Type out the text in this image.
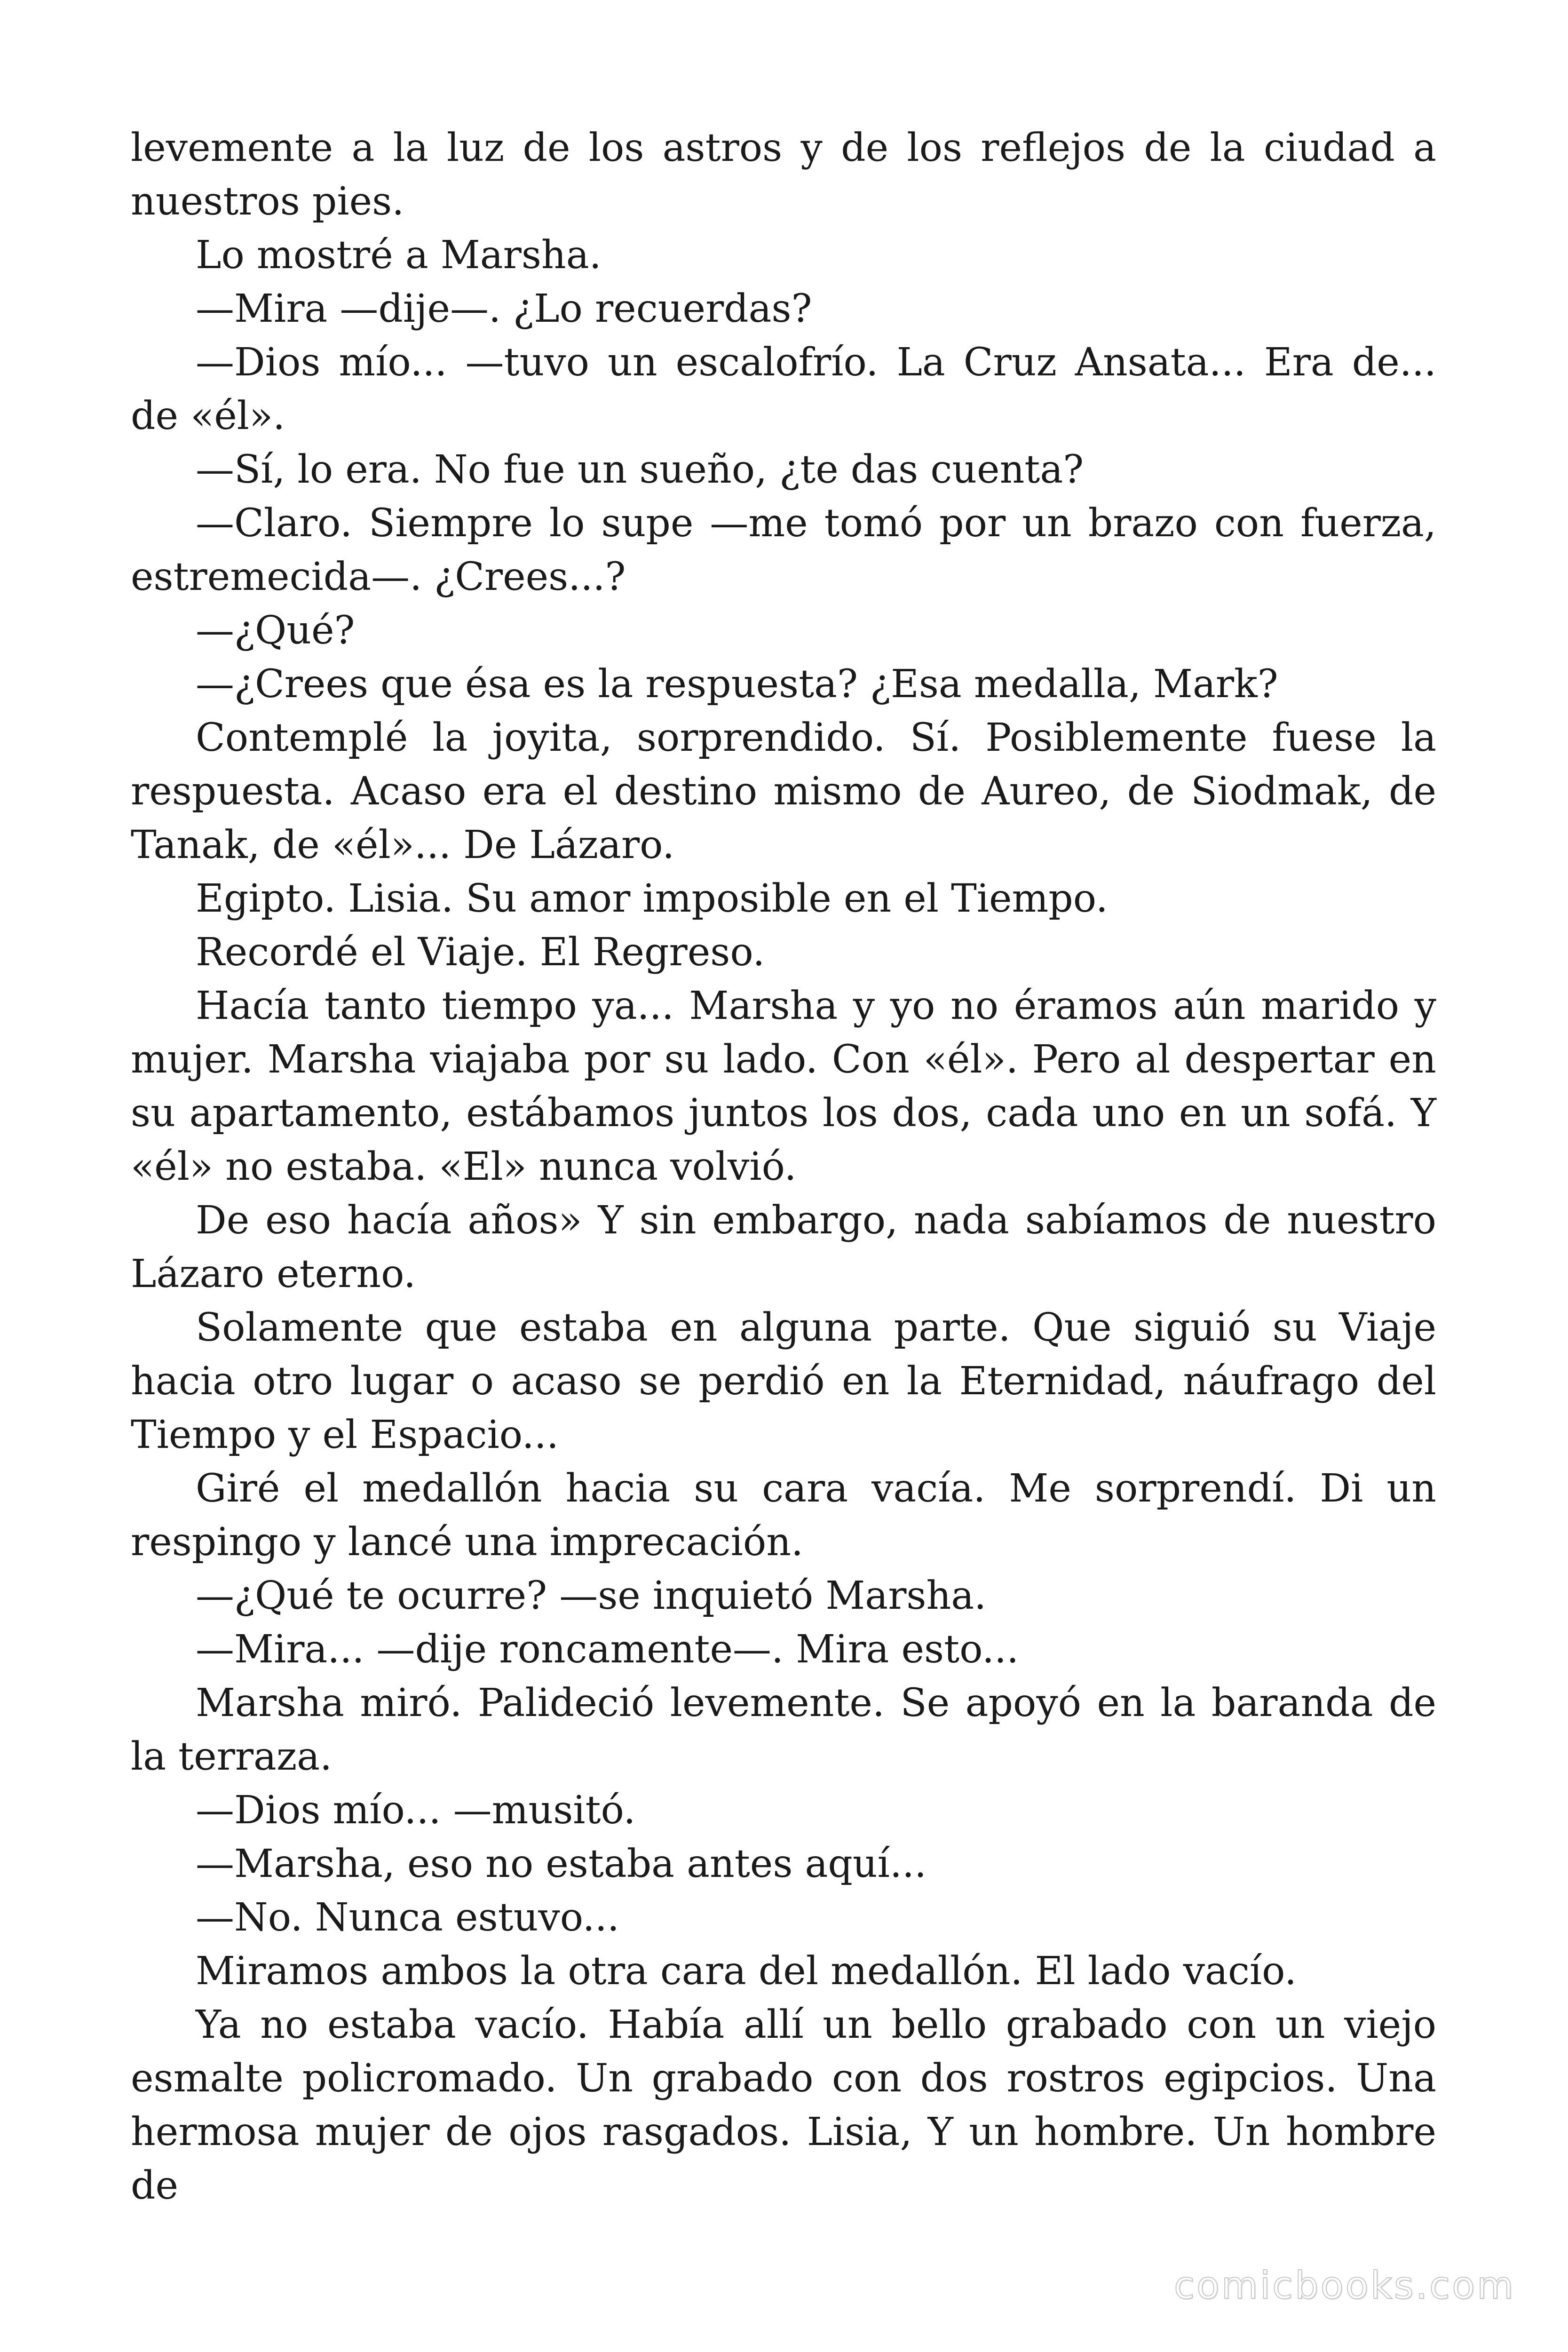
levemente a la luz de los astros y de los reflejos de la ciudad a nuestros pies.

Lo mostré a Marsha.

—Mira —dije—. ¿Lo recuerdas?

—Dios mío... —tuvo un escalofrío. La Cruz Ansata... Era de... de «él».

—Sí, lo era. No fue un sueño, ¿te das cuenta?

—Claro. Siempre lo supe —me tomó por un brazo con fuerza, estremecida—. ¿Crees...?

—¿Qué?

—¿Crees que ésa es la respuesta? ¿Esa medalla, Mark?

Contemplé la joyita, sorprendido. Sí. Posiblemente fuese la respuesta. Acaso era el destino mismo de Aureo, de Siodmak, de Tanak, de «él»... De Lázaro.

Egipto. Lisia. Su amor imposible en el Tiempo.

Recordé el Viaje. El Regreso.

Hacía tanto tiempo ya... Marsha y yo no éramos aún marido y mujer. Marsha viajaba por su lado. Con «él». Pero al despertar en su apartamento, estábamos juntos los dos, cada uno en un sofá. Y «él» no estaba. «El» nunca volvió.

De eso hacía años» Y sin embargo, nada sabíamos de nuestro Lázaro eterno.

Solamente que estaba en alguna parte. Que siguió su Viaje hacia otro lugar o acaso se perdió en la Eternidad, náufrago del Tiempo y el Espacio...

Giré el medallón hacia su cara vacía. Me sorprendí. Di un respingo y lancé una imprecación.

—¿Qué te ocurre? —se inquietó Marsha.

—Mira... —dije roncamente—. Mira esto...

Marsha miró. Palideció levemente. Se apoyó en la baranda de la terraza.

—Dios mío... —musitó.

—Marsha, eso no estaba antes aquí...

—No. Nunca estuvo...

Miramos ambos la otra cara del medallón. El lado vacío.

Ya no estaba vacío. Había allí un bello grabado con un viejo esmalte policromado. Un grabado con dos rostros egipcios. Una hermosa mujer de ojos rasgados. Lisia, Y un hombre. Un hombre de

comicbooks.com
